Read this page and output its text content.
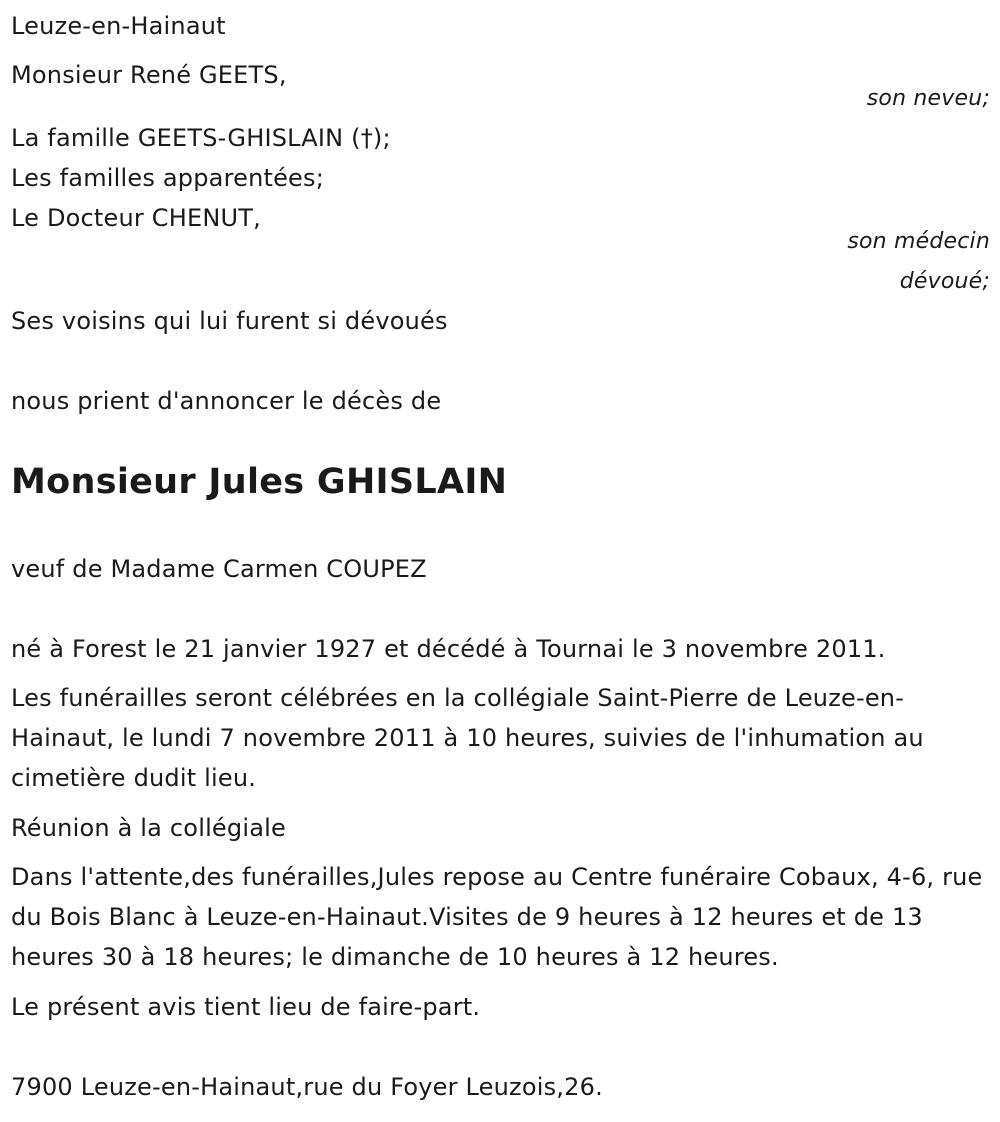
Leuze-en-Hainaut
Monsieur René GEETS,
son neveu;
La famille GEETS-GHISLAIN (†);
Les familles apparentées;
Le Docteur CHENUT,
son médecin
dévoué;
Ses voisins qui lui furent si dévoués
nous prient d'annoncer le décès de
Monsieur Jules GHISLAIN
veuf de Madame Carmen COUPEZ
né à Forest le 21 janvier 1927 et décédé à Tournai le 3 novembre 2011.
Les funérailles seront célébrées en la collégiale Saint-Pierre de Leuze-en-Hainaut, le lundi 7 novembre 2011 à 10 heures, suivies de l'inhumation au cimetière dudit lieu.
Réunion à la collégiale
Dans l'attente,des funérailles,Jules repose au Centre funéraire Cobaux, 4-6, rue du Bois Blanc à Leuze-en-Hainaut.Visites de 9 heures à 12 heures et de 13 heures 30 à 18 heures; le dimanche de 10 heures à 12 heures.
Le présent avis tient lieu de faire-part.
7900 Leuze-en-Hainaut,rue du Foyer Leuzois,26.
